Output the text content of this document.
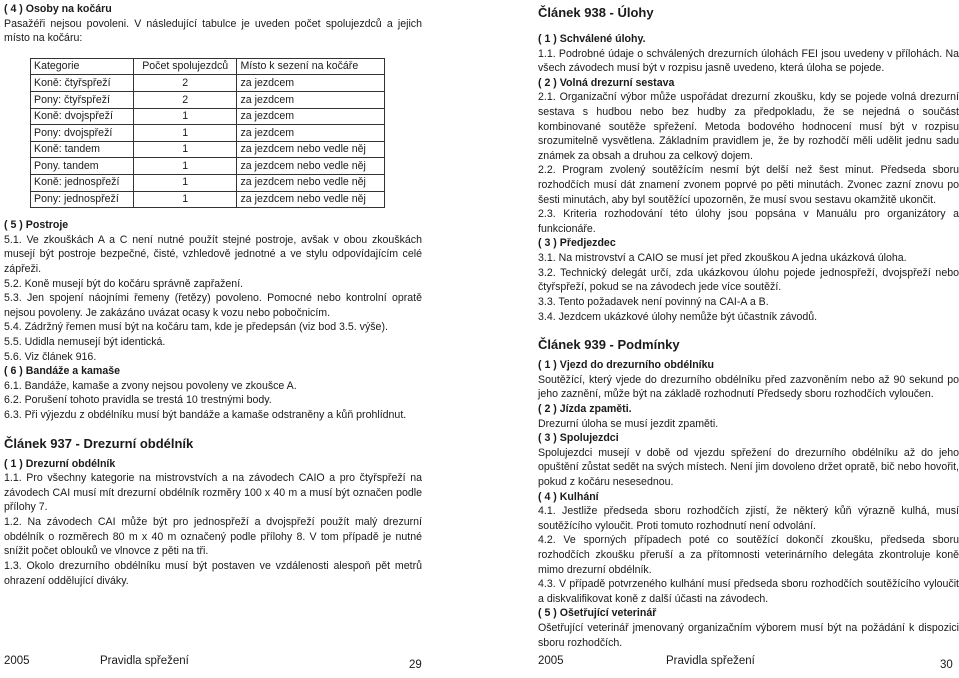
( 4 ) Osoby na kočáru

Pasažéři nejsou povoleni. V následující tabulce je uveden počet spolujezdců a jejich místo na kočáru:

Kategorie	Počet spolujezdců	Místo k sezení na kočáře
Koně: čtyřspřeží	2	za jezdcem
Pony: čtyřspřeží	2	za jezdcem
Koně: dvojspřeží	1	za jezdcem
Pony: dvojspřeží	1	za jezdcem
Koně: tandem	1	za jezdcem nebo vedle něj
Pony. tandem	1	za jezdcem nebo vedle něj
Koně: jednospřeží	1	za jezdcem nebo vedle něj
Pony: jednospřeží	1	za jezdcem nebo vedle něj
( 5 ) Postroje

5.1. Ve zkouškách A a C není nutné použít stejné postroje, avšak v obou zkouškách musejí být postroje bezpečné, čisté, vzhledově jednotné a ve stylu odpovídajícím celé zápřeži.

5.2. Koně musejí být do kočáru správně zapřažení.

5.3. Jen spojení náojními řemeny (řetězy) povoleno. Pomocné nebo kontrolní opratě nejsou povoleny. Je zakázáno uvázat ocasy k vozu nebo pobočnicím.

5.4. Zádržný řemen musí být na kočáru tam, kde je předepsán (viz bod 3.5. výše).

5.5. Udidla nemusejí být identická.

5.6. Viz článek 916.

( 6 ) Bandáže a kamaše

6.1. Bandáže, kamaše a zvony nejsou povoleny ve zkoušce A.

6.2. Porušení tohoto pravidla se trestá 10 trestnými body.

6.3. Při výjezdu z obdélníku musí být bandáže a kamaše odstraněny a kůň prohlídnut.

Článek 937 - Drezurní obdélník
( 1 ) Drezurní obdélník

1.1. Pro všechny kategorie na mistrovstvích a na závodech CAIO a pro čtyřspřeží na závodech CAI musí mít drezurní obdélník rozměry 100 x 40 m a musí být označen podle přílohy 7.

1.2. Na závodech CAI může být pro jednospřeží a dvojspřeží použít malý drezurní obdélník o rozměrech 80 m x 40 m označený podle přílohy 8. V tom případě je nutné snížit počet oblouků ve vlnovce z pěti na tři.

1.3. Okolo drezurního obdélníku musí být postaven ve vzdálenosti alespoň pět metrů ohrazení oddělující diváky.

2005	Pravidla spřežení	29
Článek 938 - Úlohy
( 1 ) Schválené úlohy.

1.1. Podrobné údaje o schválených drezurních úlohách FEI jsou uvedeny v přílohách. Na všech závodech musí být v rozpisu jasně uvedeno, která úloha se pojede.

( 2 ) Volná drezurní sestava

2.1. Organizační výbor může uspořádat drezurní zkoušku, kdy se pojede volná drezurní sestava s hudbou nebo bez hudby za předpokladu, že se nejedná o součást kombinované soutěže spřežení. Metoda bodového hodnocení musí být v rozpisu srozumitelně vysvětlena. Základním pravidlem je, že by rozhodčí měli udělit jednu sadu známek za obsah a druhou za celkový dojem.

2.2. Program zvolený soutěžícím nesmí být delší než šest minut. Předseda sboru rozhodčích musí dát znamení zvonem poprvé po pěti minutách. Zvonec zazní znovu po šesti minutách, aby byl soutěžící upozorněn, že musí svou sestavu okamžitě ukončit.

2.3. Kriteria rozhodování této úlohy jsou popsána v Manuálu pro organizátory a funkcionáře.

( 3 ) Předjezdec

3.1. Na mistrovství a CAIO se musí jet před zkouškou A jedna ukázková úloha.

3.2. Technický delegát určí, zda ukázkovou úlohu pojede jednospřeží, dvojspřeží nebo čtyřspřeží, pokud se na závodech jede více soutěží.

3.3. Tento požadavek není povinný na CAI-A a B.

3.4. Jezdcem ukázkové úlohy nemůže být účastník závodů.

Článek 939 - Podmínky
( 1 ) Vjezd do drezurního obdélníku

Soutěžící, který vjede do drezurního obdélníku před zazvoněním nebo až 90 sekund po jeho zaznění, může být na základě rozhodnutí Předsedy sboru rozhodčích vyloučen.

( 2 ) Jízda zpaměti.

Drezurní úloha se musí jezdit zpaměti.

( 3 ) Spolujezdci

Spolujezdci musejí v době od vjezdu spřežení do drezurního obdélníku až do jeho opuštění zůstat sedět na svých místech. Není jim dovoleno držet opratě, bič nebo hovořit, pokud z kočáru nesesednou.

( 4 ) Kulhání

4.1. Jestliže předseda sboru rozhodčích zjistí, že některý kůň výrazně kulhá, musí soutěžícího vyloučit. Proti tomuto rozhodnutí není odvolání.

4.2. Ve sporných případech poté co soutěžící dokončí zkoušku, předseda sboru rozhodčích zkoušku přeruší a za přítomnosti veterinárního delegáta zkontroluje koně mimo drezurní obdélník.

4.3. V případě potvrzeného kulhání musí předseda sboru rozhodčích soutěžícího vyloučit a diskvalifikovat koně z další účasti na závodech.

( 5 ) Ošetřující veterinář

Ošetřující veterinář jmenovaný organizačním výborem musí být na požádání k dispozici sboru rozhodčích.

2005	Pravidla spřežení	30
